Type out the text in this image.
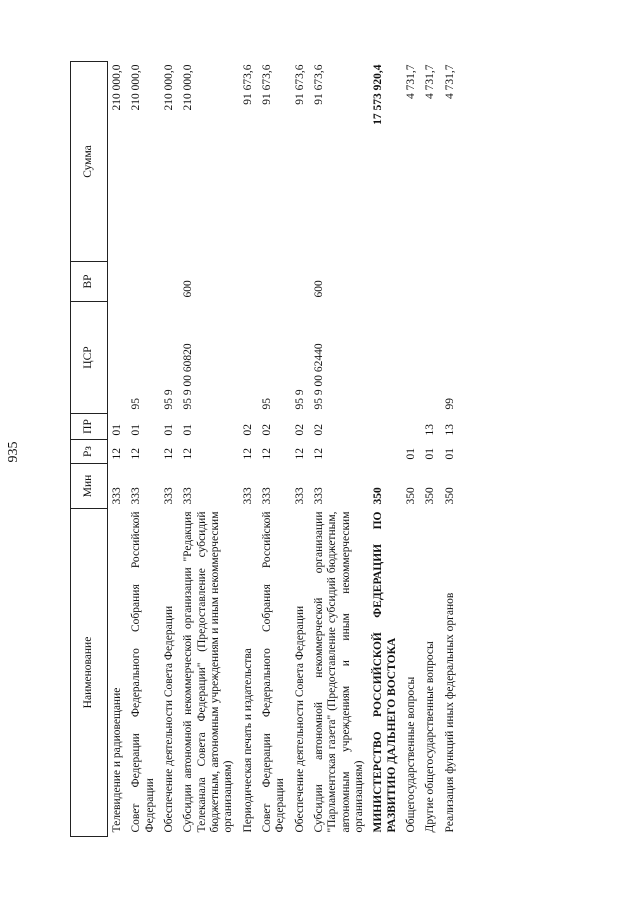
935
Наименование	Мин	Рз	ПР	ЦСР	ВР	Сумма
Телевидение и радиовещание	333	12	01			210 000,0
Совет Федерации Федерального Собрания Российской Федерации	333	12	01	95		210 000,0
Обеспечение деятельности Совета Федерации	333	12	01	95 9		210 000,0
Субсидии автономной некоммерческой организации "Редакция Телеканала Совета Федерации" (Предоставление субсидий бюджетным, автономным учреждениям и иным некоммерческим организациям)	333	12	01	95 9 00 60820	600	210 000,0
Периодическая печать и издательства	333	12	02			91 673,6
Совет Федерации Федерального Собрания Российской Федерации	333	12	02	95		91 673,6
Обеспечение деятельности Совета Федерации	333	12	02	95 9		91 673,6
Субсидии автономной некоммерческой организации "Парламентская газета" (Предоставление субсидий бюджетным, автономным учреждениям и иным некоммерческим организациям)	333	12	02	95 9 00 62440	600	91 673,6
МИНИСТЕРСТВО РОССИЙСКОЙ ФЕДЕРАЦИИ ПО РАЗВИТИЮ ДАЛЬНЕГО ВОСТОКА	350					17 573 920,4
Общегосударственные вопросы	350	01				4 731,7
Другие общегосударственные вопросы	350	01	13			4 731,7
Реализация функций иных федеральных органов	350	01	13	99		4 731,7
